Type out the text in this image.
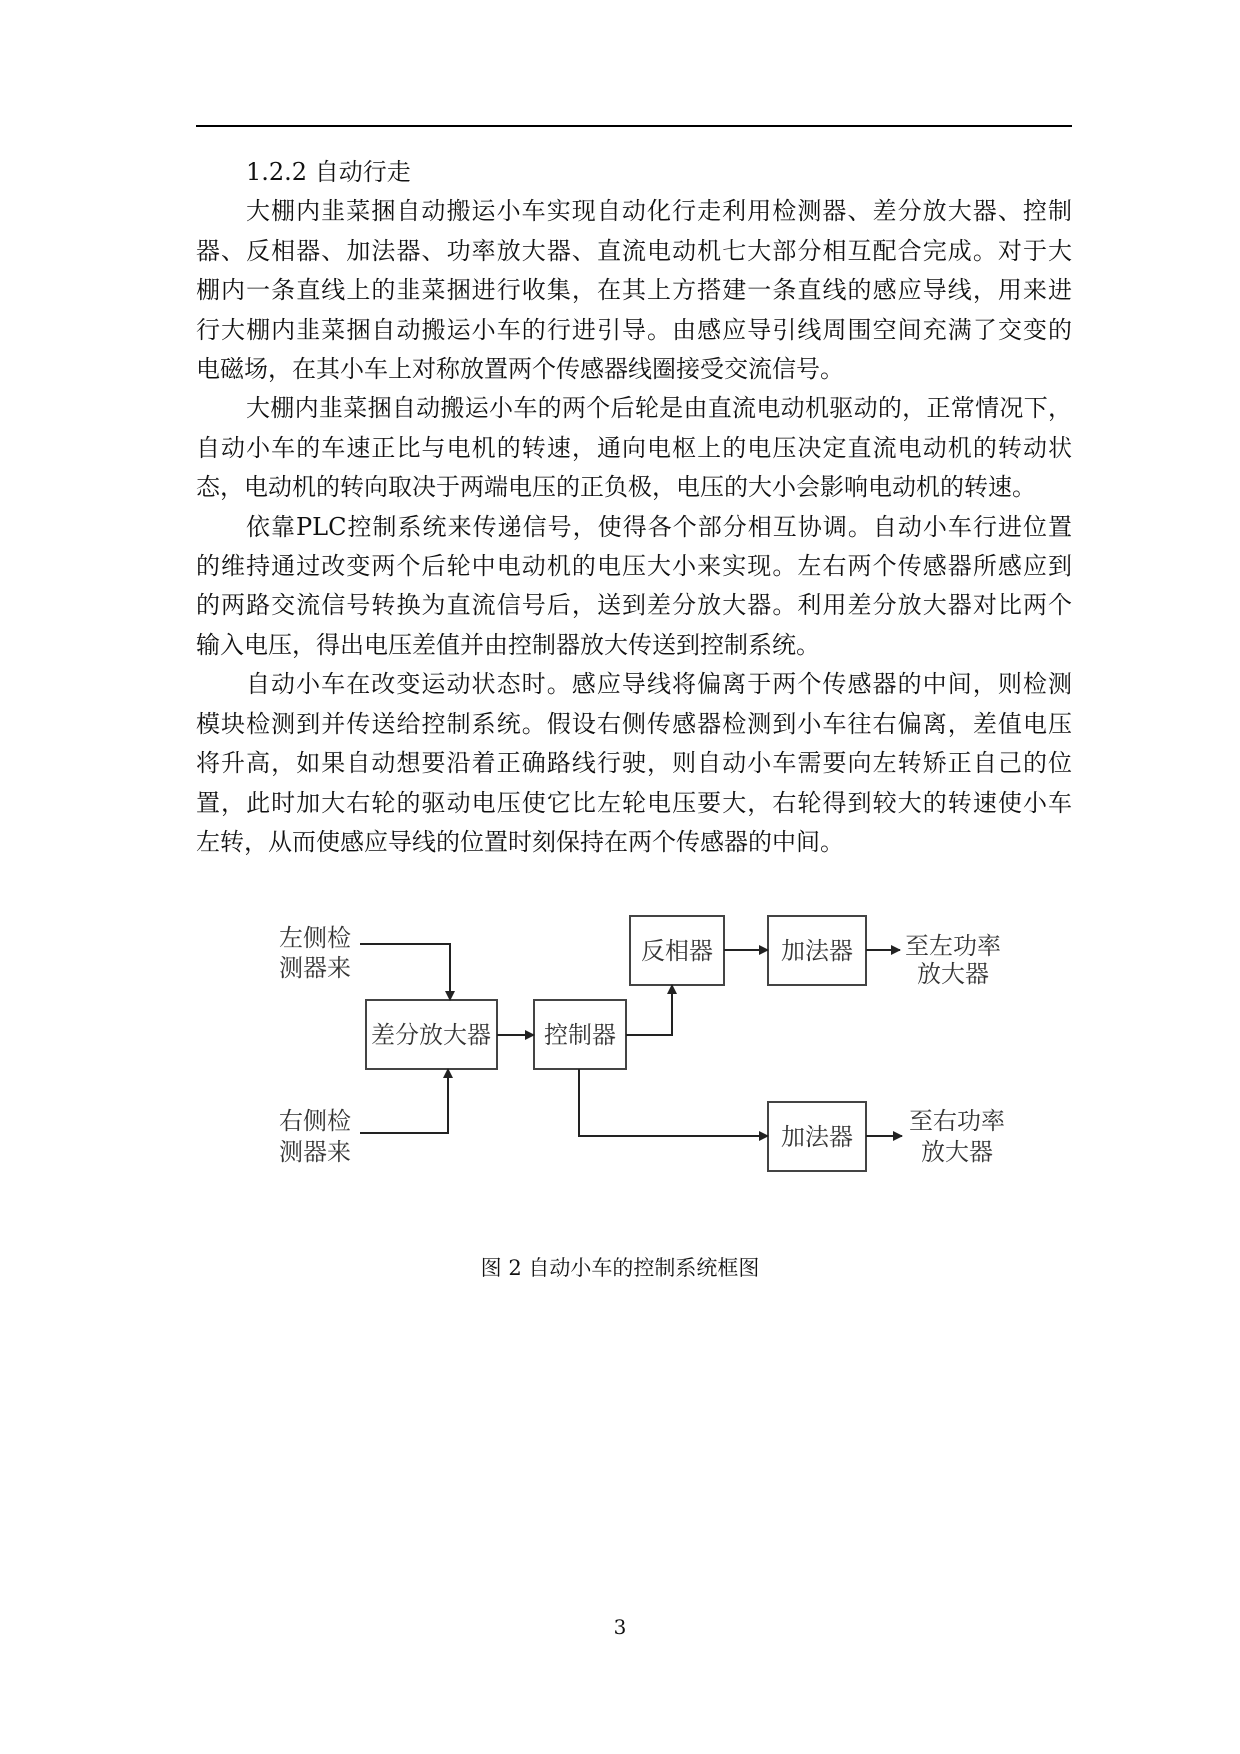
1.2.2 自动行走
大棚内韭菜捆自动搬运小车实现自动化行走利用检测器、差分放大器、控制
器、反相器、加法器、功率放大器、直流电动机七大部分相互配合完成。对于大
棚内一条直线上的韭菜捆进行收集，在其上方搭建一条直线的感应导线，用来进
行大棚内韭菜捆自动搬运小车的行进引导。由感应导引线周围空间充满了交变的
电磁场，在其小车上对称放置两个传感器线圈接受交流信号。
大棚内韭菜捆自动搬运小车的两个后轮是由直流电动机驱动的，正常情况下，
自动小车的车速正比与电机的转速，通向电枢上的电压决定直流电动机的转动状
态，电动机的转向取决于两端电压的正负极，电压的大小会影响电动机的转速。
依靠PLC控制系统来传递信号，使得各个部分相互协调。自动小车行进位置
的维持通过改变两个后轮中电动机的电压大小来实现。左右两个传感器所感应到
的两路交流信号转换为直流信号后，送到差分放大器。利用差分放大器对比两个
输入电压，得出电压差值并由控制器放大传送到控制系统。
自动小车在改变运动状态时。感应导线将偏离于两个传感器的中间，则检测
模块检测到并传送给控制系统。假设右侧传感器检测到小车往右偏离，差值电压
将升高，如果自动想要沿着正确路线行驶，则自动小车需要向左转矫正自己的位
置，此时加大右轮的驱动电压使它比左轮电压要大，右轮得到较大的转速使小车
左转，从而使感应导线的位置时刻保持在两个传感器的中间。
左侧检
测器来
右侧检
测器来
差分放大器 控制器
反相器	加法器
加法器
至左功率
放大器
至右功率
放大器
图 2 自动小车的控制系统框图
3
